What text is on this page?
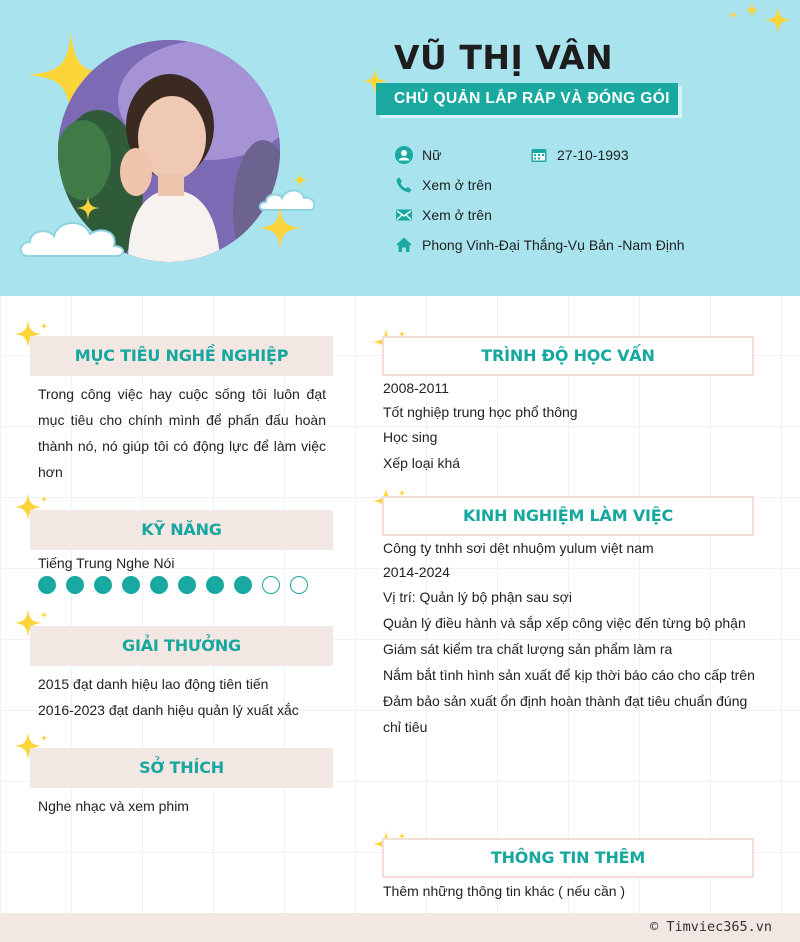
VŨ THỊ VÂN
CHỦ QUẢN LẮP RÁP VÀ ĐÓNG GÓI
Nữ	27-10-1993
Xem ở trên
Xem ở trên
Phong Vinh-Đại Thắng-Vụ Bản -Nam Định
MỤC TIÊU NGHỀ NGHIỆP
Trong công việc hay cuộc sống tôi luôn đạt mục tiêu cho chính mình để phấn đấu hoàn thành nó, nó giúp tôi có động lực để làm việc hơn
KỸ NĂNG
Tiếng Trung Nghe Nói
GIẢI THƯỞNG
2015 đạt danh hiệu lao động tiên tiến
2016-2023 đạt danh hiệu quản lý xuất xắc
SỞ THÍCH
Nghe nhạc và xem phim
TRÌNH ĐỘ HỌC VẤN
2008-2011
Tốt nghiệp trung học phổ thông
Học sing
Xếp loại khá
KINH NGHIỆM LÀM VIỆC
Công ty tnhh sơi dệt nhuộm yulum việt nam
2014-2024
Vị trí: Quản lý bộ phận sau sợi
Quản lý điều hành và sắp xếp công việc đến từng bộ phận
Giám sát kiểm tra chất lượng sản phẩm làm ra
Nắm bắt tình hình sản xuất để kịp thời báo cáo cho cấp trên
Đảm bảo sản xuất ổn định hoàn thành đạt tiêu chuẩn đúng
chỉ tiêu
THÔNG TIN THÊM
Thêm những thông tin khác ( nếu cần )
© Timviec365.vn
